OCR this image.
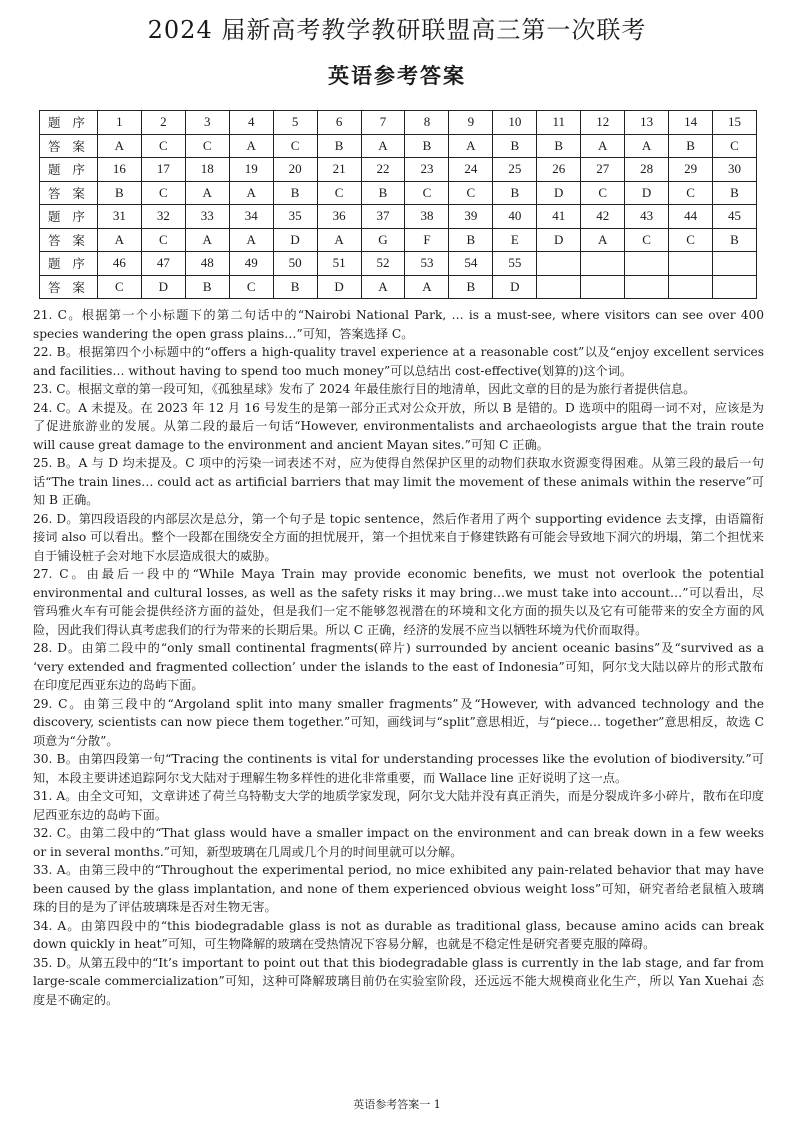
2024 届新高考教学教研联盟高三第一次联考
英语参考答案
题 序	1	2	3	4	5	6	7	8	9	10	11	12	13	14	15
答 案	A	C	C	A	C	B	A	B	A	B	B	A	A	B	C
题 序	16	17	18	19	20	21	22	23	24	25	26	27	28	29	30
答 案	B	C	A	A	B	C	B	C	C	B	D	C	D	C	B
题 序	31	32	33	34	35	36	37	38	39	40	41	42	43	44	45
答 案	A	C	A	A	D	A	G	F	B	E	D	A	C	C	B
题 序	46	47	48	49	50	51	52	53	54	55					
答 案	C	D	B	C	B	D	A	A	B	D					

21. C。根据第一个小标题下的第二句话中的“Nairobi National Park, … is a must-see, where visitors can see over 400 species wandering the open grass plains…”可知，答案选择 C。

22. B。根据第四个小标题中的“offers a high-quality travel experience at a reasonable cost”以及“enjoy excellent services and facilities… without having to spend too much money”可以总结出 cost-effective(划算的)这个词。

23. C。根据文章的第一段可知，《孤独星球》发布了 2024 年最佳旅行目的地清单，因此文章的目的是为旅行者提供信息。

24. C。A 未提及。在 2023 年 12 月 16 号发生的是第一部分正式对公众开放，所以 B 是错的。D 选项中的阻碍一词不对，应该是为了促进旅游业的发展。从第二段的最后一句话“However, environmentalists and archaeologists argue that the train route will cause great damage to the environment and ancient Mayan sites.”可知 C 正确。

25. B。A 与 D 均未提及。C 项中的污染一词表述不对，应为使得自然保护区里的动物们获取水资源变得困难。从第三段的最后一句话“The train lines… could act as artificial barriers that may limit the movement of these animals within the reserve”可知 B 正确。

26. D。第四段语段的内部层次是总分，第一个句子是 topic sentence，然后作者用了两个 supporting evidence 去支撑，由语篇衔接词 also 可以看出。整个一段都在围绕安全方面的担忧展开，第一个担忧来自于修建铁路有可能会导致地下洞穴的坍塌，第二个担忧来自于铺设桩子会对地下水层造成很大的威胁。

27. C。由最后一段中的“While Maya Train may provide economic benefits, we must not overlook the potential environmental and cultural losses, as well as the safety risks it may bring…we must take into account…”可以看出，尽管玛雅火车有可能会提供经济方面的益处，但是我们一定不能够忽视潜在的环境和文化方面的损失以及它有可能带来的安全方面的风险，因此我们得认真考虑我们的行为带来的长期后果。所以 C 正确，经济的发展不应当以牺牲环境为代价而取得。

28. D。由第二段中的“only small continental fragments(碎片) surrounded by ancient oceanic basins”及“survived as a ‘very extended and fragmented collection’ under the islands to the east of Indonesia”可知，阿尔戈大陆以碎片的形式散布在印度尼西亚东边的岛屿下面。

29. C。由第三段中的“Argoland split into many smaller fragments”及“However, with advanced technology and the discovery, scientists can now piece them together.”可知，画线词与“split”意思相近，与“piece… together”意思相反，故选 C 项意为“分散”。

30. B。由第四段第一句“Tracing the continents is vital for understanding processes like the evolution of biodiversity.”可知，本段主要讲述追踪阿尔戈大陆对于理解生物多样性的进化非常重要，而 Wallace line 正好说明了这一点。

31. A。由全文可知，文章讲述了荷兰乌特勒支大学的地质学家发现，阿尔戈大陆并没有真正消失，而是分裂成许多小碎片，散布在印度尼西亚东边的岛屿下面。

32. C。由第二段中的“That glass would have a smaller impact on the environment and can break down in a few weeks or in several months.”可知，新型玻璃在几周或几个月的时间里就可以分解。

33. A。由第三段中的“Throughout the experimental period, no mice exhibited any pain-related behavior that may have been caused by the glass implantation, and none of them experienced obvious weight loss”可知，研究者给老鼠植入玻璃珠的目的是为了评估玻璃珠是否对生物无害。

34. A。由第四段中的“this biodegradable glass is not as durable as traditional glass, because amino acids can break down quickly in heat”可知，可生物降解的玻璃在受热情况下容易分解，也就是不稳定性是研究者要克服的障碍。

35. D。从第五段中的“It’s important to point out that this biodegradable glass is currently in the lab stage, and far from large-scale commercialization”可知，这种可降解玻璃目前仍在实验室阶段，还远远不能大规模商业化生产，所以 Yan Xuehai 态度是不确定的。

英语参考答案一 1
